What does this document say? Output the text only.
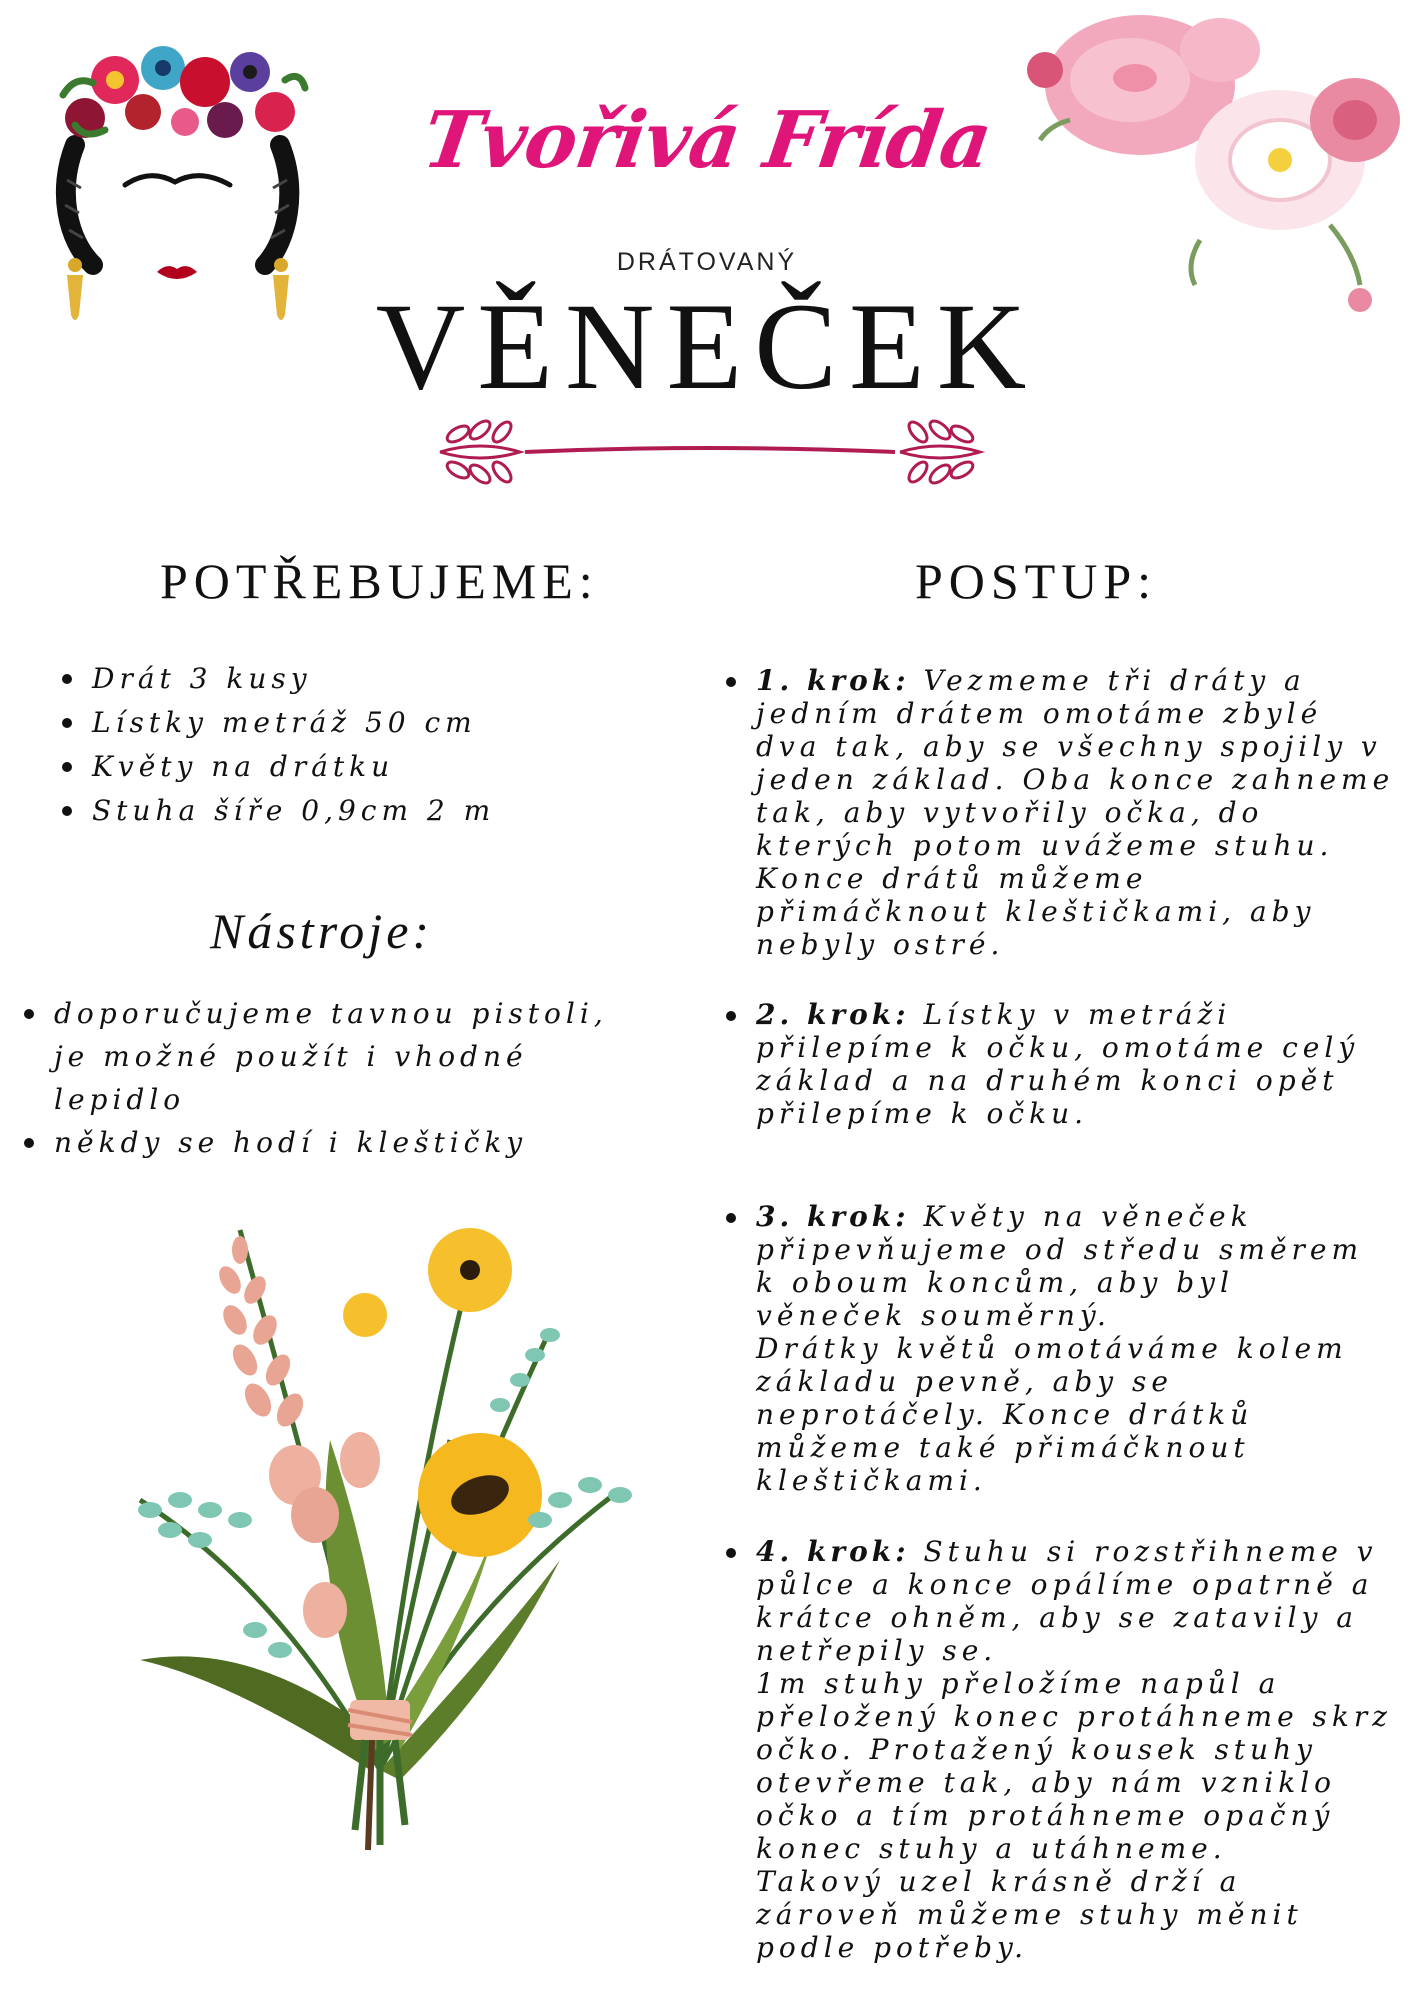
Tvořivá Frída
DRÁTOVANÝ
VĚNEČEK
POTŘEBUJEME:
Drát 3 kusy
Lístky metráž 50 cm
Květy na drátku
Stuha šíře 0,9cm 2 m
Nástroje:
doporučujeme tavnou pistoli, je možné použít i vhodné lepidlo
někdy se hodí i kleštičky
POSTUP:
1. krok: Vezmeme tři dráty a jedním drátem omotáme zbylé dva tak, aby se všechny spojily v jeden základ. Oba konce zahneme tak, aby vytvořily očka, do kterých potom uvážeme stuhu. Konce drátů můžeme přimáčknout kleštičkami, aby nebyly ostré.
2. krok: Lístky v metráži přilepíme k očku, omotáme celý základ a na druhém konci opět přilepíme k očku.
3. krok: Květy na věneček připevňujeme od středu směrem k oboum koncům, aby byl věneček souměrný.
Drátky květů omotáváme kolem základu pevně, aby se neprotáčely. Konce drátků můžeme také přimáčknout kleštičkami.
4. krok: Stuhu si rozstřihneme v půlce a konce opálíme opatrně a krátce ohněm, aby se zatavily a netřepily se.
1m stuhy přeložíme napůl a přeložený konec protáhneme skrz očko. Protažený kousek stuhy otevřeme tak, aby nám vzniklo očko a tím protáhneme opačný konec stuhy a utáhneme.
Takový uzel krásně drží a zároveň můžeme stuhy měnit podle potřeby.
